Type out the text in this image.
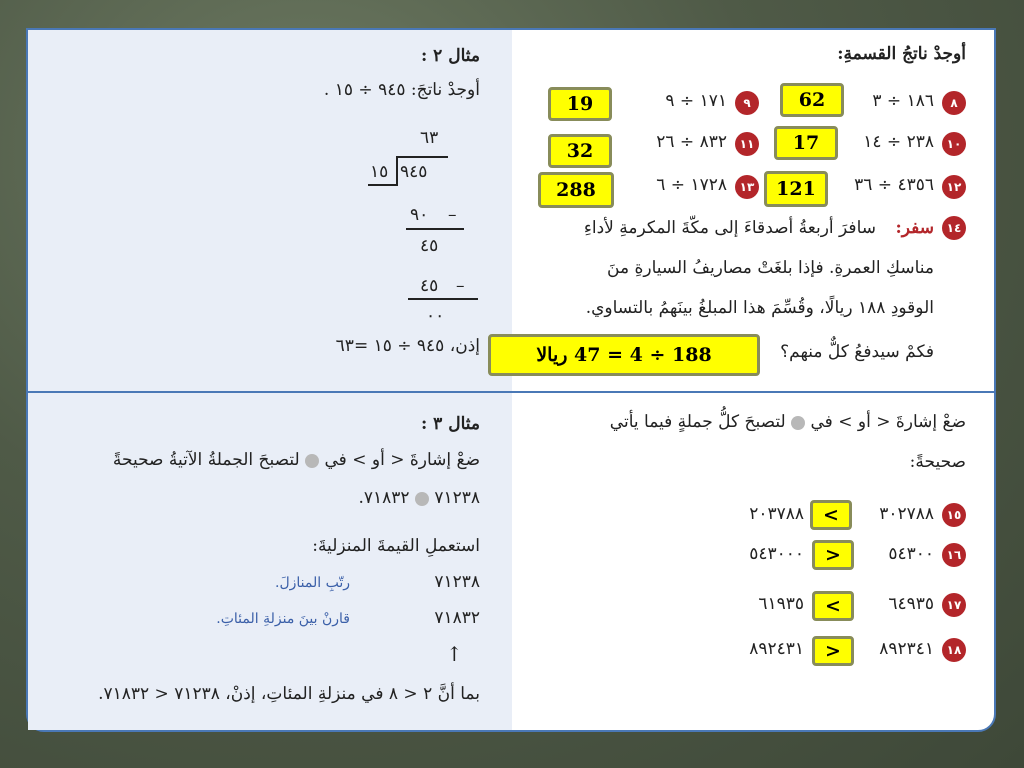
أوجدْ ناتجُ القسمةِ:
٨
١٨٦ ÷ ٣
62
٩
١٧١ ÷ ٩
19
١٠
٢٣٨ ÷ ١٤
17
١١
٨٣٢ ÷ ٢٦
32
١٢
٤٣٥٦ ÷ ٣٦
121
١٣
١٧٢٨ ÷ ٦
288
١٤
سفر:
سافرَ أربعةُ أصدقاءَ إلى مكّةَ المكرمةِ لأداءِ
مناسكِ العمرةِ. فإذا بلغَتْ مصاريفُ السيارةِ منَ
الوقودِ ١٨٨ ريالًا، وقُسِّمَ هذا المبلغُ بينَهمُ بالتساوي.
فكمْ سيدفعُ كلٌّ منهم؟
188 ÷ 4 = 47 ريالا
مثال ٢ :
أوجدْ ناتجَ: ٩٤٥ ÷ ١٥ .
٦٣
٩٤٥
١٥
٩٠ –
٤٥
٤٥ –
٠٠
إذن، ٩٤٥ ÷ ١٥ =٦٣
ضعْ إشارةَ < أو > في  لتصبحَ كلُّ جملةٍ فيما يأتي
صحيحةً:
١٥
٣٠٢٧٨٨
<
٢٠٣٧٨٨
١٦
٥٤٣٠٠
>
٥٤٣٠٠٠
١٧
٦٤٩٣٥
<
٦١٩٣٥
١٨
٨٩٢٣٤١
>
٨٩٢٤٣١
مثال ٣ :
ضعْ إشارةَ < أو > في  لتصبحَ الجملةُ الآتيةُ صحيحةً
٧١٢٣٨  ٧١٨٣٢.
استعملِ القيمةَ المنزليةَ:
٧١٢٣٨
رتّبِ المنازلَ.
٧١٨٣٢
قارنْ بينَ منزلةِ المئاتِ.
↑
بما أنَّ ٢ < ٨ في منزلةِ المئاتِ، إذنْ، ٧١٢٣٨ < ٧١٨٣٢.
